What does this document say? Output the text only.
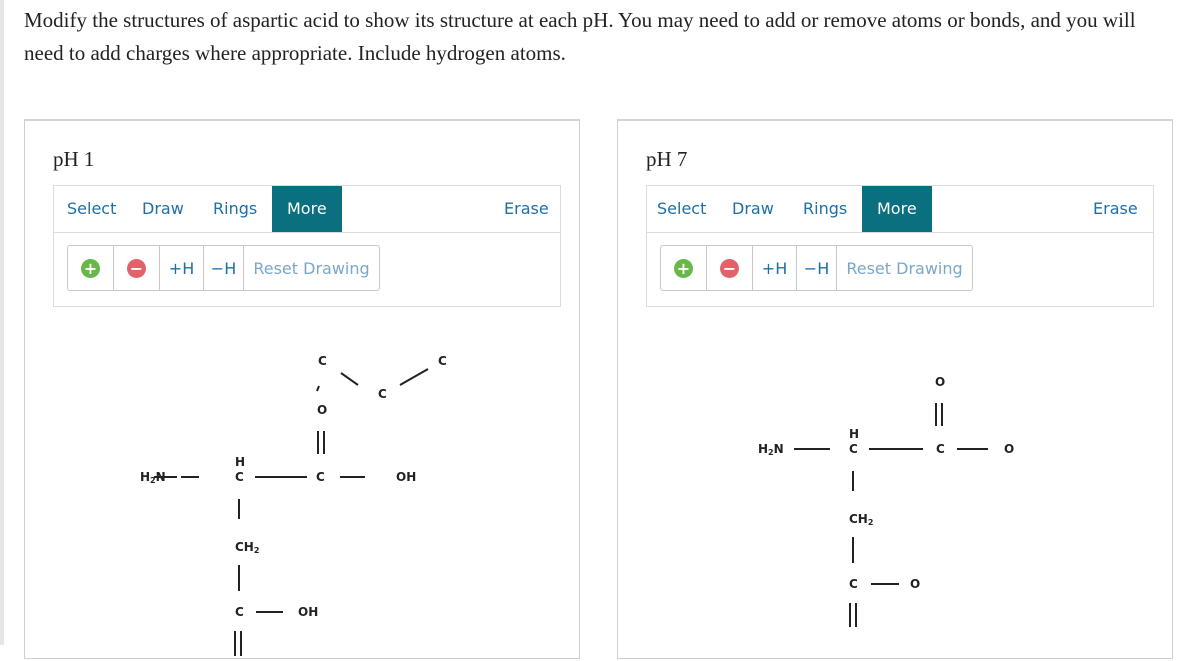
Modify the structures of aspartic acid to show its structure at each pH. You may need to add or remove atoms or bonds, and you will need to add charges where appropriate. Include hydrogen atoms.
pH 1
Select Draw Rings	More	Erase
+ −	+H	−H	Reset Drawing
C	C
C
O
H
C
$H_2N$	C	OH
$CH_2$
C	OH
pH 7
Select Draw Rings	More	Erase
+ −	+H	−H	Reset Drawing
O
H
C
$H_2N$	C	O
$CH_2$
C	O
